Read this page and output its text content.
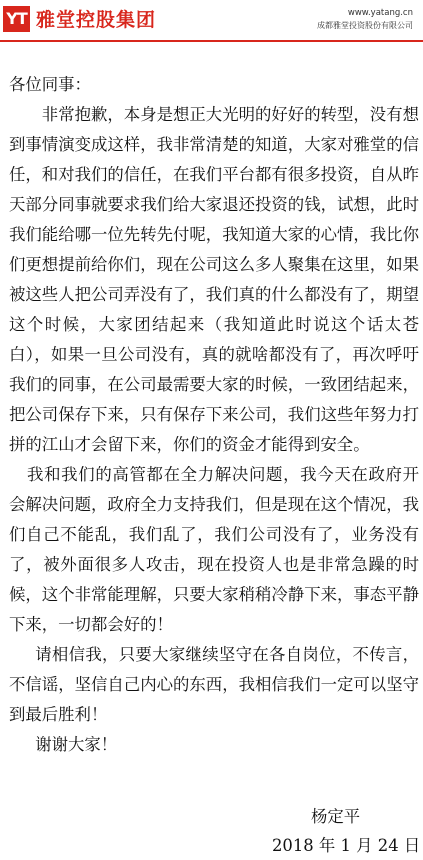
YT 雅堂控股集团	www.yatang.cn
成都雅堂投资股份有限公司

各位同事：

非常抱歉，本身是想正大光明的好好的转型，没有想到事情演变成这样，我非常清楚的知道，大家对雅堂的信任，和对我们的信任，在我们平台都有很多投资，自从昨天部分同事就要求我们给大家退还投资的钱，试想，此时我们能给哪一位先转先付呢，我知道大家的心情，我比你们更想提前给你们，现在公司这么多人聚集在这里，如果被这些人把公司弄没有了，我们真的什么都没有了，期望这个时候，大家团结起来（我知道此时说这个话太苍白），如果一旦公司没有，真的就啥都没有了，再次呼吁我们的同事，在公司最需要大家的时候，一致团结起来，把公司保存下来，只有保存下来公司，我们这些年努力打拼的江山才会留下来，你们的资金才能得到安全。

我和我们的高管都在全力解决问题，我今天在政府开会解决问题，政府全力支持我们，但是现在这个情况，我们自己不能乱，我们乱了，我们公司没有了，业务没有了，被外面很多人攻击，现在投资人也是非常急躁的时候，这个非常能理解，只要大家稍稍冷静下来，事态平静下来，一切都会好的！

请相信我，只要大家继续坚守在各自岗位，不传言，不信谣，坚信自己内心的东西，我相信我们一定可以坚守到最后胜利！

谢谢大家！

杨定平
2018 年 1 月 24 日
